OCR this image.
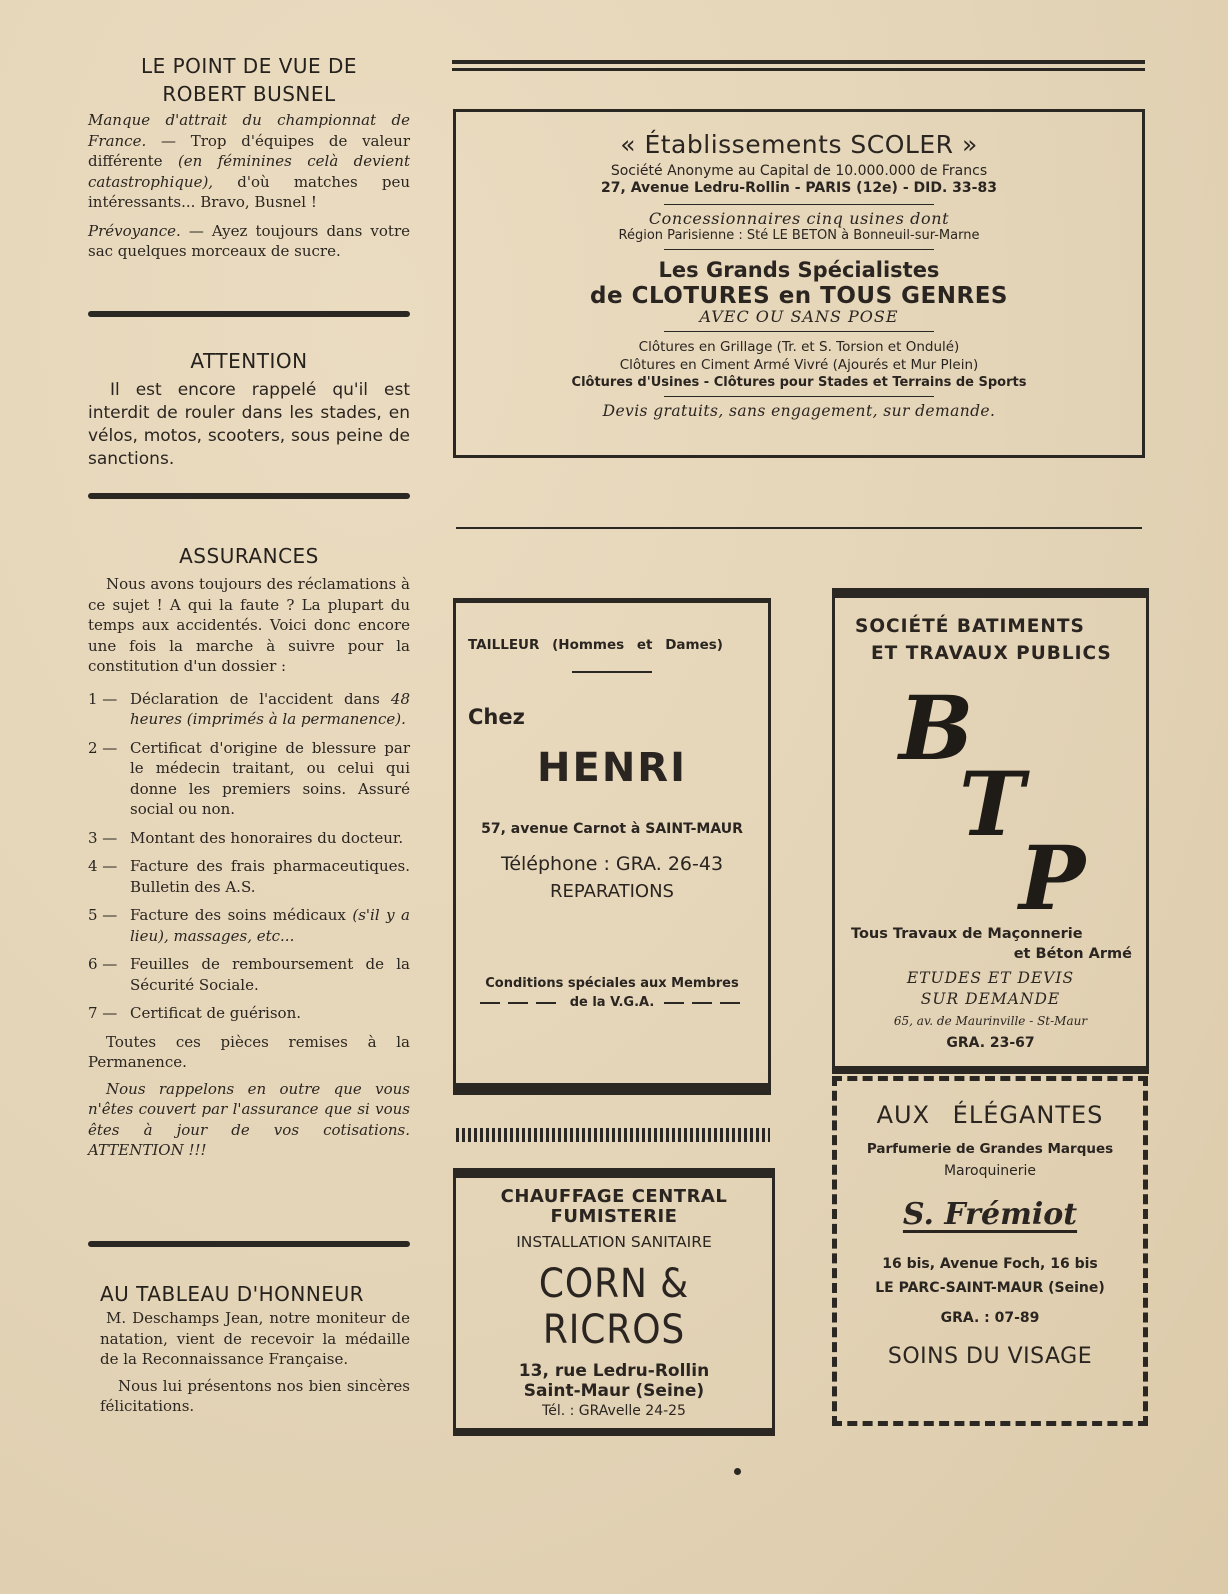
LE POINT DE VUE DE
ROBERT BUSNEL
Manque d'attrait du championnat de France. — Trop d'équipes de valeur différente (en féminines celà devient catastrophique), d'où matches peu intéressants... Bravo, Busnel !
Prévoyance. — Ayez toujours dans votre sac quelques morceaux de sucre.
ATTENTION
Il est encore rappelé qu'il est interdit de rouler dans les stades, en vélos, motos, scooters, sous peine de sanctions.
ASSURANCES
Nous avons toujours des réclamations à ce sujet ! A qui la faute ? La plupart du temps aux accidentés. Voici donc encore une fois la marche à suivre pour la constitution d'un dossier :
1 — Déclaration de l'accident dans 48 heures (imprimés à la permanence).
2 — Certificat d'origine de blessure par le médecin traitant, ou celui qui donne les premiers soins. Assuré social ou non.
3 — Montant des honoraires du docteur.
4 — Facture des frais pharmaceutiques. Bulletin des A.S.
5 — Facture des soins médicaux (s'il y a lieu), massages, etc...
6 — Feuilles de remboursement de la Sécurité Sociale.
7 — Certificat de guérison.
Toutes ces pièces remises à la Permanence.
Nous rappelons en outre que vous n'êtes couvert par l'assurance que si vous êtes à jour de vos cotisations. ATTENTION !!!
AU TABLEAU D'HONNEUR
M. Deschamps Jean, notre moniteur de natation, vient de recevoir la médaille de la Reconnaissance Française.
Nous lui présentons nos bien sincères félicitations.
« Établissements SCOLER »
Société Anonyme au Capital de 10.000.000 de Francs
27, Avenue Ledru-Rollin - PARIS (12e) - DID. 33-83
Concessionnaires cinq usines dont
Région Parisienne : Sté LE BETON à Bonneuil-sur-Marne
Les Grands Spécialistes
de CLOTURES en TOUS GENRES
AVEC OU SANS POSE
Clôtures en Grillage (Tr. et S. Torsion et Ondulé)
Clôtures en Ciment Armé Vivré (Ajourés et Mur Plein)
Clôtures d'Usines - Clôtures pour Stades et Terrains de Sports
Devis gratuits, sans engagement, sur demande.
TAILLEUR (Hommes et Dames)
Chez
HENRI
57, avenue Carnot à SAINT-MAUR
Téléphone : GRA. 26-43
REPARATIONS
Conditions spéciales aux Membres
de la V.G.A.
SOCIÉTÉ BATIMENTS
ET TRAVAUX PUBLICS
B
T
P
Tous Travaux de Maçonnerie
et Béton Armé
ETUDES ET DEVIS
SUR DEMANDE
65, av. de Maurinville - St-Maur
GRA. 23-67
CHAUFFAGE CENTRAL
FUMISTERIE
INSTALLATION SANITAIRE
CORN & RICROS
13, rue Ledru-Rollin
Saint-Maur (Seine)
Tél. : GRAvelle 24-25
AUX ÉLÉGANTES
Parfumerie de Grandes Marques
Maroquinerie
S. Frémiot
16 bis, Avenue Foch, 16 bis
LE PARC-SAINT-MAUR (Seine)
GRA. : 07-89
SOINS DU VISAGE
